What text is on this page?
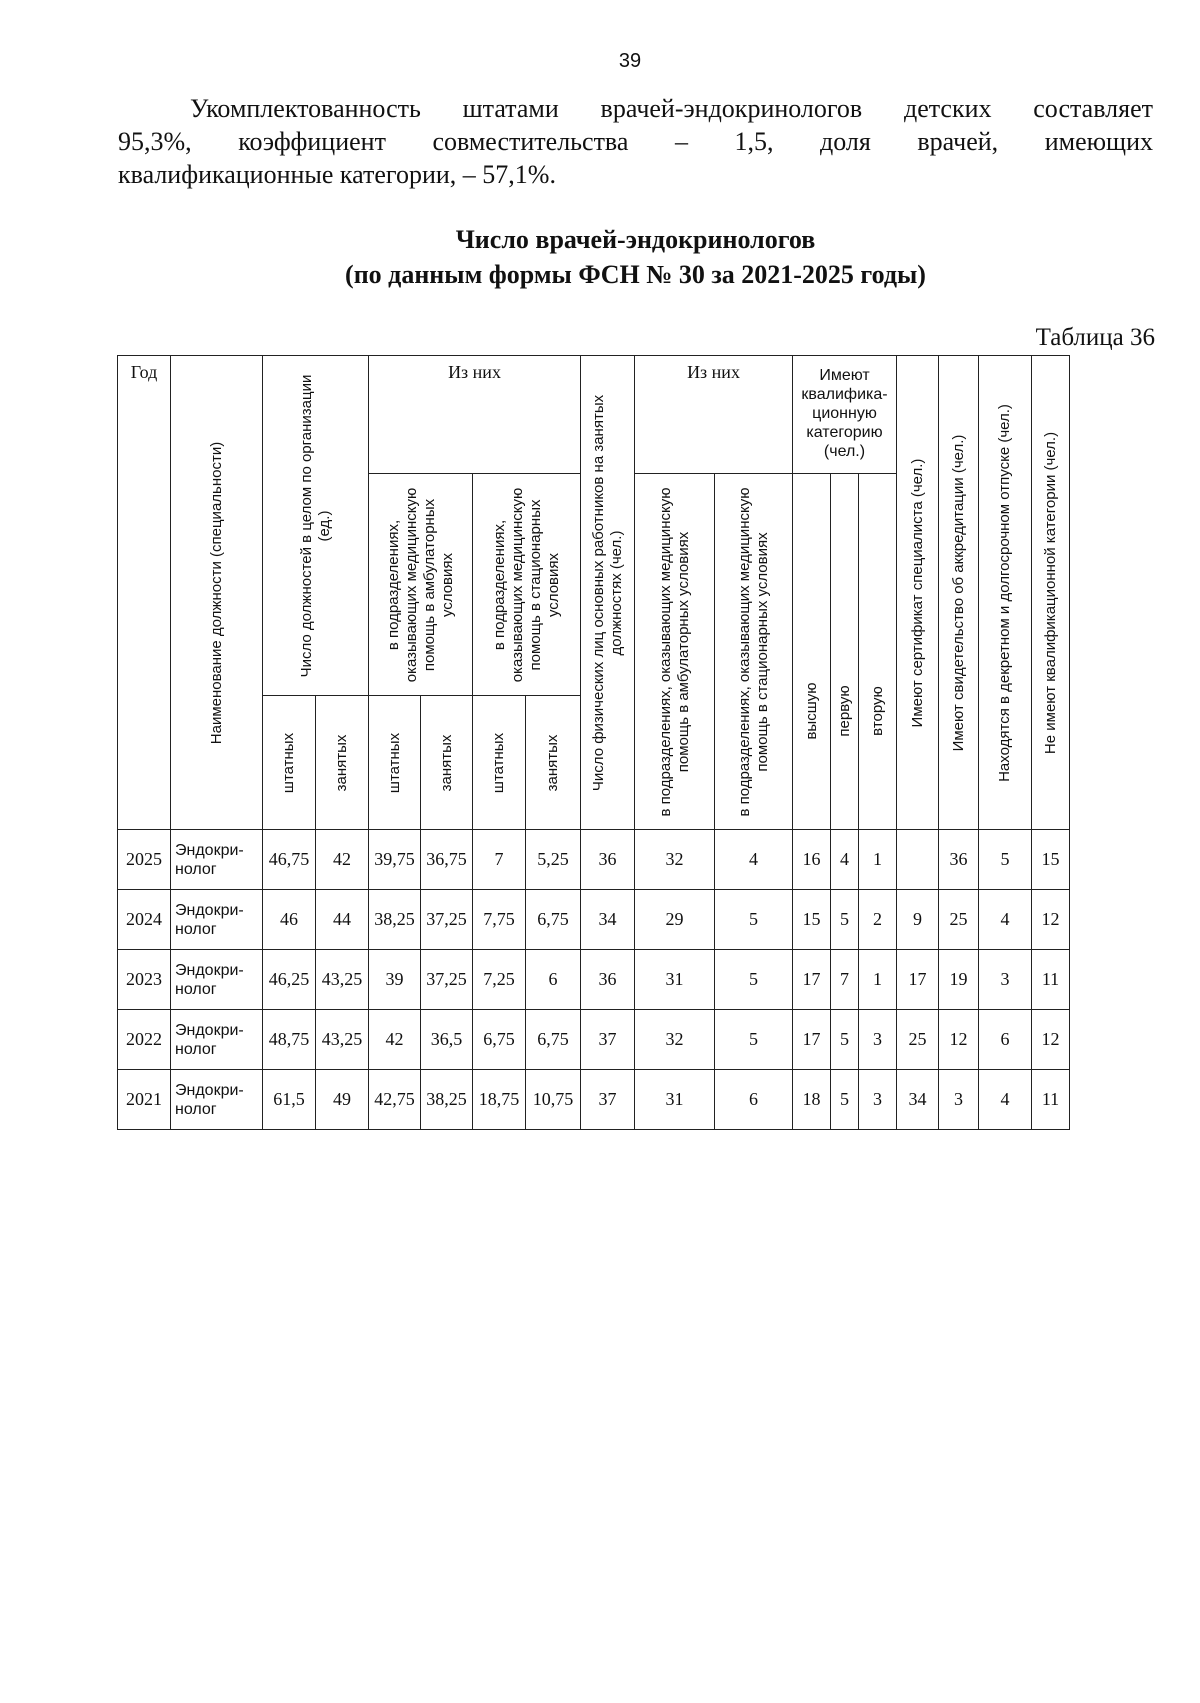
39
Укомплектованность штатами врачей-эндокринологов детских составляет
95,3%, коэффициент совместительства – 1,5, доля врачей, имеющих
квалификационные категории, – 57,1%.
Число врачей-эндокринологов
(по данным формы ФСН № 30 за 2021-2025 годы)
Таблица 36
Год	Наименование должности (специальности)	Число должностей в целом по организации (ед.)		Из них				Число физических лиц основных работников на занятых должностях (чел.)	Из них		Имеют квалифика-ционную категорию (чел.)			Имеют сертификат специалиста (чел.)	Имеют свидетельство об аккредитации (чел.)	Находятся в декретном и долгосрочном отпуске (чел.)	Не имеют квалификационной категории (чел.)

				в подразделениях, оказывающих медицинскую помощь в амбулаторных условиях		в подразделениях, оказывающих медицинскую помощь в стационарных условиях			в подразделениях, оказывающих медицинскую помощь в амбулаторных условиях	в подразделениях, оказывающих медицинскую помощь в стационарных условиях	высшую	первую	вторую				

		штатных	занятых	штатных	занятых	штатных	занятых										

2025	Эндокри-нолог	46,75	42	39,75	36,75	7	5,25	36	32	4	16	4	1		36	5	15
2024	Эндокри-нолог	46	44	38,25	37,25	7,75	6,75	34	29	5	15	5	2	9	25	4	12
2023	Эндокри-нолог	46,25	43,25	39	37,25	7,25	6	36	31	5	17	7	1	17	19	3	11
2022	Эндокри-нолог	48,75	43,25	42	36,5	6,75	6,75	37	32	5	17	5	3	25	12	6	12
2021	Эндокри-нолог	61,5	49	42,75	38,25	18,75	10,75	37	31	6	18	5	3	34	3	4	11
